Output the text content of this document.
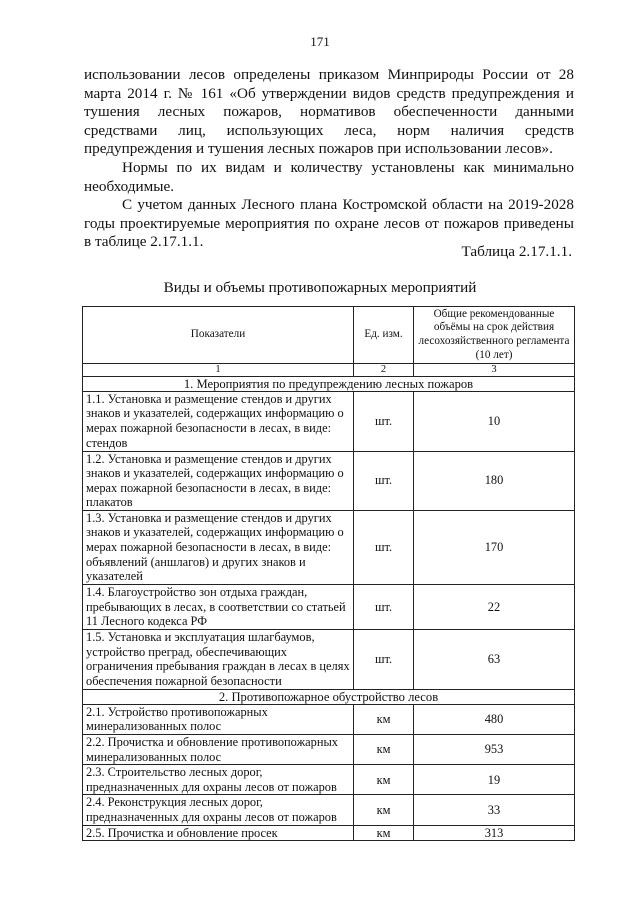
171

использовании лесов определены приказом Минприроды России от 28 марта 2014 г. № 161 «Об утверждении видов средств предупреждения и тушения лесных пожаров, нормативов обеспеченности данными средствами лиц, использующих леса, норм наличия средств предупреждения и тушения лесных пожаров при использовании лесов».

Нормы по их видам и количеству установлены как минимально необходимые.

С учетом данных Лесного плана Костромской области на 2019-2028 годы проектируемые мероприятия по охране лесов от пожаров приведены в таблице 2.17.1.1.

Таблица 2.17.1.1.
Виды и объемы противопожарных мероприятий
Показатели	Ед. изм.	Общие рекомендованные объёмы на срок действия лесохозяйственного регламента (10 лет)
1	2	3
1. Мероприятия по предупреждению лесных пожаров		
1.1. Установка и размещение стендов и других знаков и указателей, содержащих информацию о мерах пожарной безопасности в лесах, в виде: стендов	шт.	10
1.2. Установка и размещение стендов и других знаков и указателей, содержащих информацию о мерах пожарной безопасности в лесах, в виде: плакатов	шт.	180
1.3. Установка и размещение стендов и других знаков и указателей, содержащих информацию о мерах пожарной безопасности в лесах, в виде: объявлений (аншлагов) и других знаков и указателей	шт.	170
1.4. Благоустройство зон отдыха граждан, пребывающих в лесах, в соответствии со статьей 11 Лесного кодекса РФ	шт.	22
1.5. Установка и эксплуатация шлагбаумов, устройство преград, обеспечивающих ограничения пребывания граждан в лесах в целях обеспечения пожарной безопасности	шт.	63
2. Противопожарное обустройство лесов		
2.1. Устройство противопожарных минерализованных полос	км	480
2.2. Прочистка и обновление противопожарных минерализованных полос	км	953
2.3. Строительство лесных дорог, предназначенных для охраны лесов от пожаров	км	19
2.4. Реконструкция лесных дорог, предназначенных для охраны лесов от пожаров	км	33
2.5. Прочистка и обновление просек	км	313
